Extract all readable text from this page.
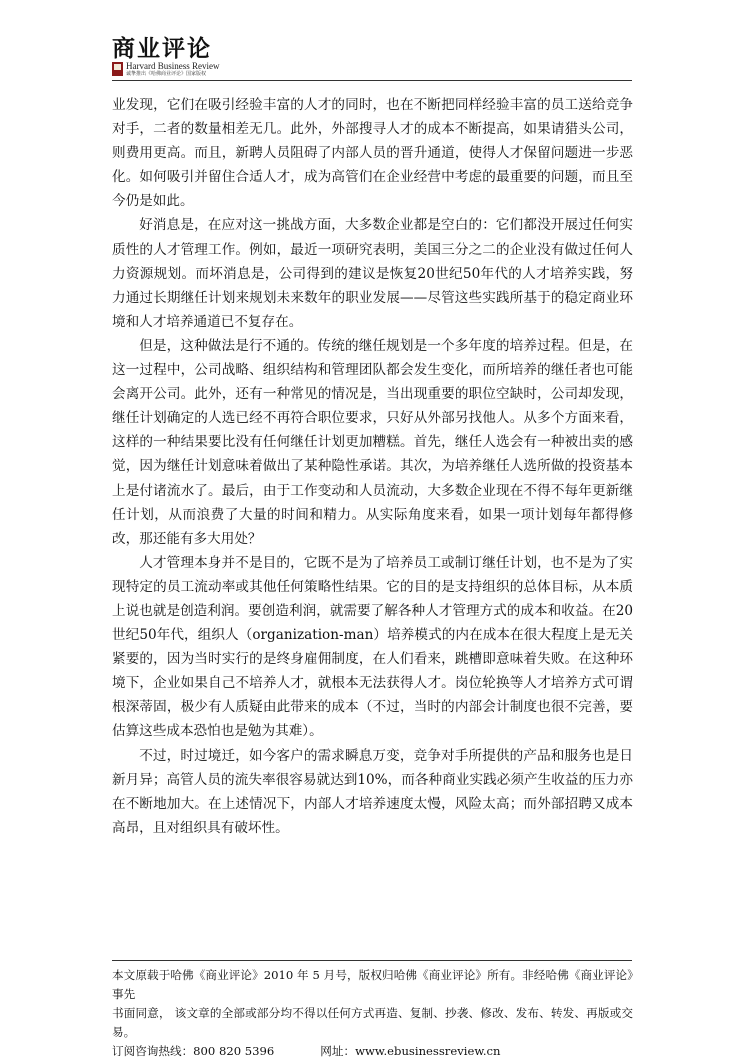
商业评论
Harvard Business Review
诚挚推出《哈佛商业评论》国家版权

业发现，它们在吸引经验丰富的人才的同时，也在不断把同样经验丰富的员工送给竞争对手，二者的数量相差无几。此外，外部搜寻人才的成本不断提高，如果请猎头公司，则费用更高。而且，新聘人员阻碍了内部人员的晋升通道，使得人才保留问题进一步恶化。如何吸引并留住合适人才，成为高管们在企业经营中考虑的最重要的问题，而且至今仍是如此。

好消息是，在应对这一挑战方面，大多数企业都是空白的：它们都没开展过任何实质性的人才管理工作。例如，最近一项研究表明，美国三分之二的企业没有做过任何人力资源规划。而坏消息是，公司得到的建议是恢复20世纪50年代的人才培养实践，努力通过长期继任计划来规划未来数年的职业发展——尽管这些实践所基于的稳定商业环境和人才培养通道已不复存在。

但是，这种做法是行不通的。传统的继任规划是一个多年度的培养过程。但是，在这一过程中，公司战略、组织结构和管理团队都会发生变化，而所培养的继任者也可能会离开公司。此外，还有一种常见的情况是，当出现重要的职位空缺时，公司却发现，继任计划确定的人选已经不再符合职位要求，只好从外部另找他人。从多个方面来看，这样的一种结果要比没有任何继任计划更加糟糕。首先，继任人选会有一种被出卖的感觉，因为继任计划意味着做出了某种隐性承诺。其次，为培养继任人选所做的投资基本上是付诸流水了。最后，由于工作变动和人员流动，大多数企业现在不得不每年更新继任计划，从而浪费了大量的时间和精力。从实际角度来看，如果一项计划每年都得修改，那还能有多大用处？

人才管理本身并不是目的，它既不是为了培养员工或制订继任计划，也不是为了实现特定的员工流动率或其他任何策略性结果。它的目的是支持组织的总体目标，从本质上说也就是创造利润。要创造利润，就需要了解各种人才管理方式的成本和收益。在20世纪50年代，组织人（organization-man）培养模式的内在成本在很大程度上是无关紧要的，因为当时实行的是终身雇佣制度，在人们看来，跳槽即意味着失败。在这种环境下，企业如果自己不培养人才，就根本无法获得人才。岗位轮换等人才培养方式可谓根深蒂固，极少有人质疑由此带来的成本（不过，当时的内部会计制度也很不完善，要估算这些成本恐怕也是勉为其难）。

不过，时过境迁，如今客户的需求瞬息万变，竞争对手所提供的产品和服务也是日新月异；高管人员的流失率很容易就达到10%，而各种商业实践必须产生收益的压力亦在不断地加大。在上述情况下，内部人才培养速度太慢，风险太高；而外部招聘又成本高昂，且对组织具有破坏性。

本文原载于哈佛《商业评论》2010 年 5 月号，版权归哈佛《商业评论》所有。非经哈佛《商业评论》事先
书面同意， 该文章的全部或部分均不得以任何方式再造、复制、抄袭、修改、发布、转发、再版或交易。
订阅咨询热线：800 820 5396	网址：www.ebusinessreview.cn
